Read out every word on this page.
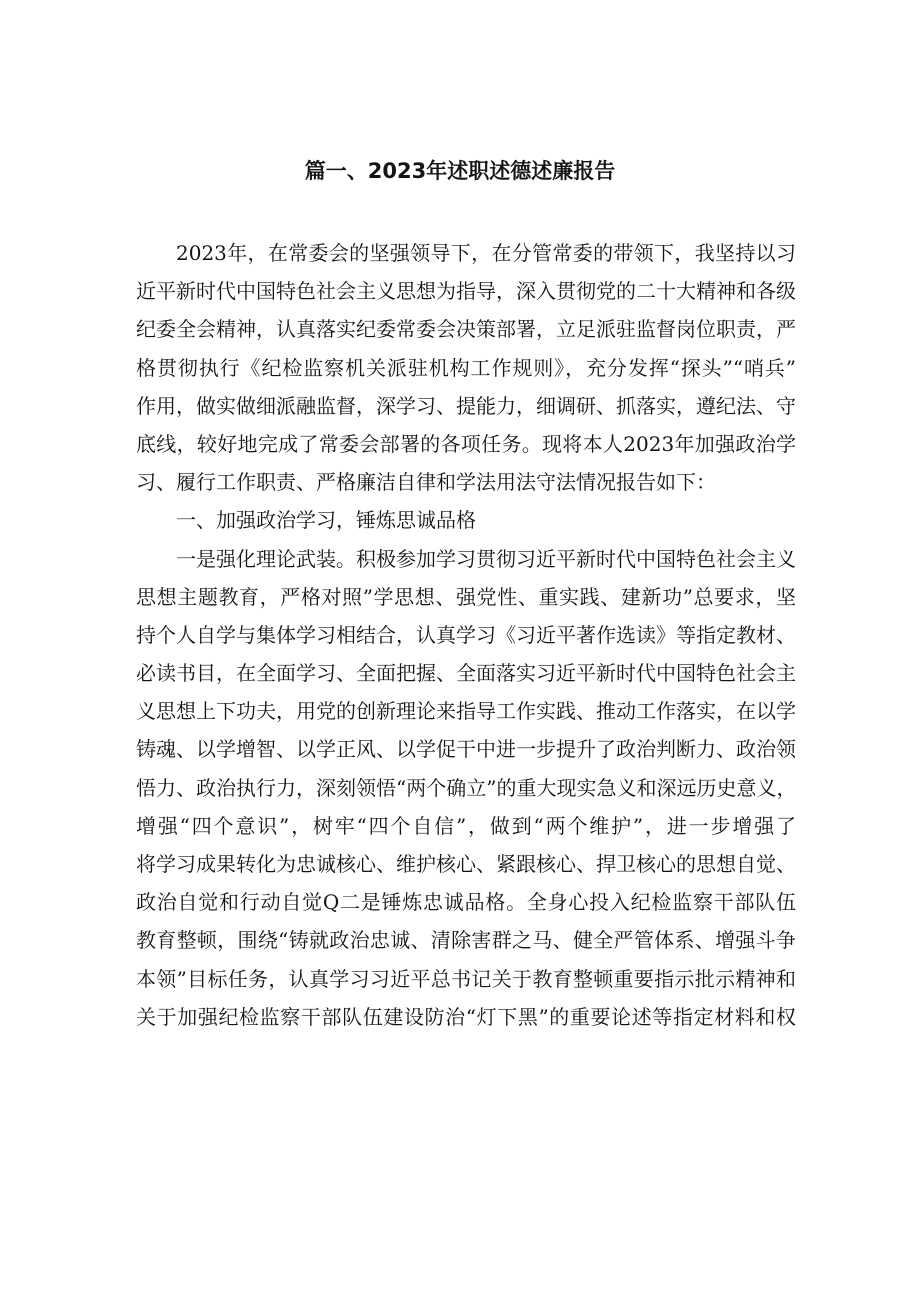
篇一、2023年述职述德述廉报告
2023年，在常委会的坚强领导下，在分管常委的带领下，我坚持以习
近平新时代中国特色社会主义思想为指导，深入贯彻党的二十大精神和各级
纪委全会精神，认真落实纪委常委会决策部署，立足派驻监督岗位职责，严
格贯彻执行《纪检监察机关派驻机构工作规则》，充分发挥“探头”“哨兵”
作用，做实做细派融监督，深学习、提能力，细调研、抓落实，遵纪法、守
底线，较好地完成了常委会部署的各项任务。现将本人2023年加强政治学
习、履行工作职责、严格廉洁自律和学法用法守法情况报告如下：
一、加强政治学习，锤炼思诚品格
一是强化理论武装。积极参加学习贯彻习近平新时代中国特色社会主义
思想主题教育，严格对照”学思想、强党性、重实践、建新功”总要求，坚
持个人自学与集体学习相结合，认真学习《习近平著作选读》等指定教材、
必读书目，在全面学习、全面把握、全面落实习近平新时代中国特色社会主
义思想上下功夫，用党的创新理论来指导工作实践、推动工作落实，在以学
铸魂、以学增智、以学正风、以学促干中进一步提升了政治判断力、政治领
悟力、政治执行力，深刻领悟“两个确立”的重大现实急义和深远历史意义，
增强“四个意识”，树牢“四个自信”，做到“两个维护”，进一步增强了
将学习成果转化为忠诚核心、维护核心、紧跟核心、捍卫核心的思想自觉、
政治自觉和行动自觉Q二是锤炼忠诚品格。全身心投入纪检监察干部队伍
教育整顿，围绕“铸就政治忠诚、清除害群之马、健全严管体系、增强斗争
本领”目标任务，认真学习习近平总书记关于教育整顿重要指示批示精神和
关于加强纪检监察干部队伍建设防治“灯下黑”的重要论述等指定材料和权
